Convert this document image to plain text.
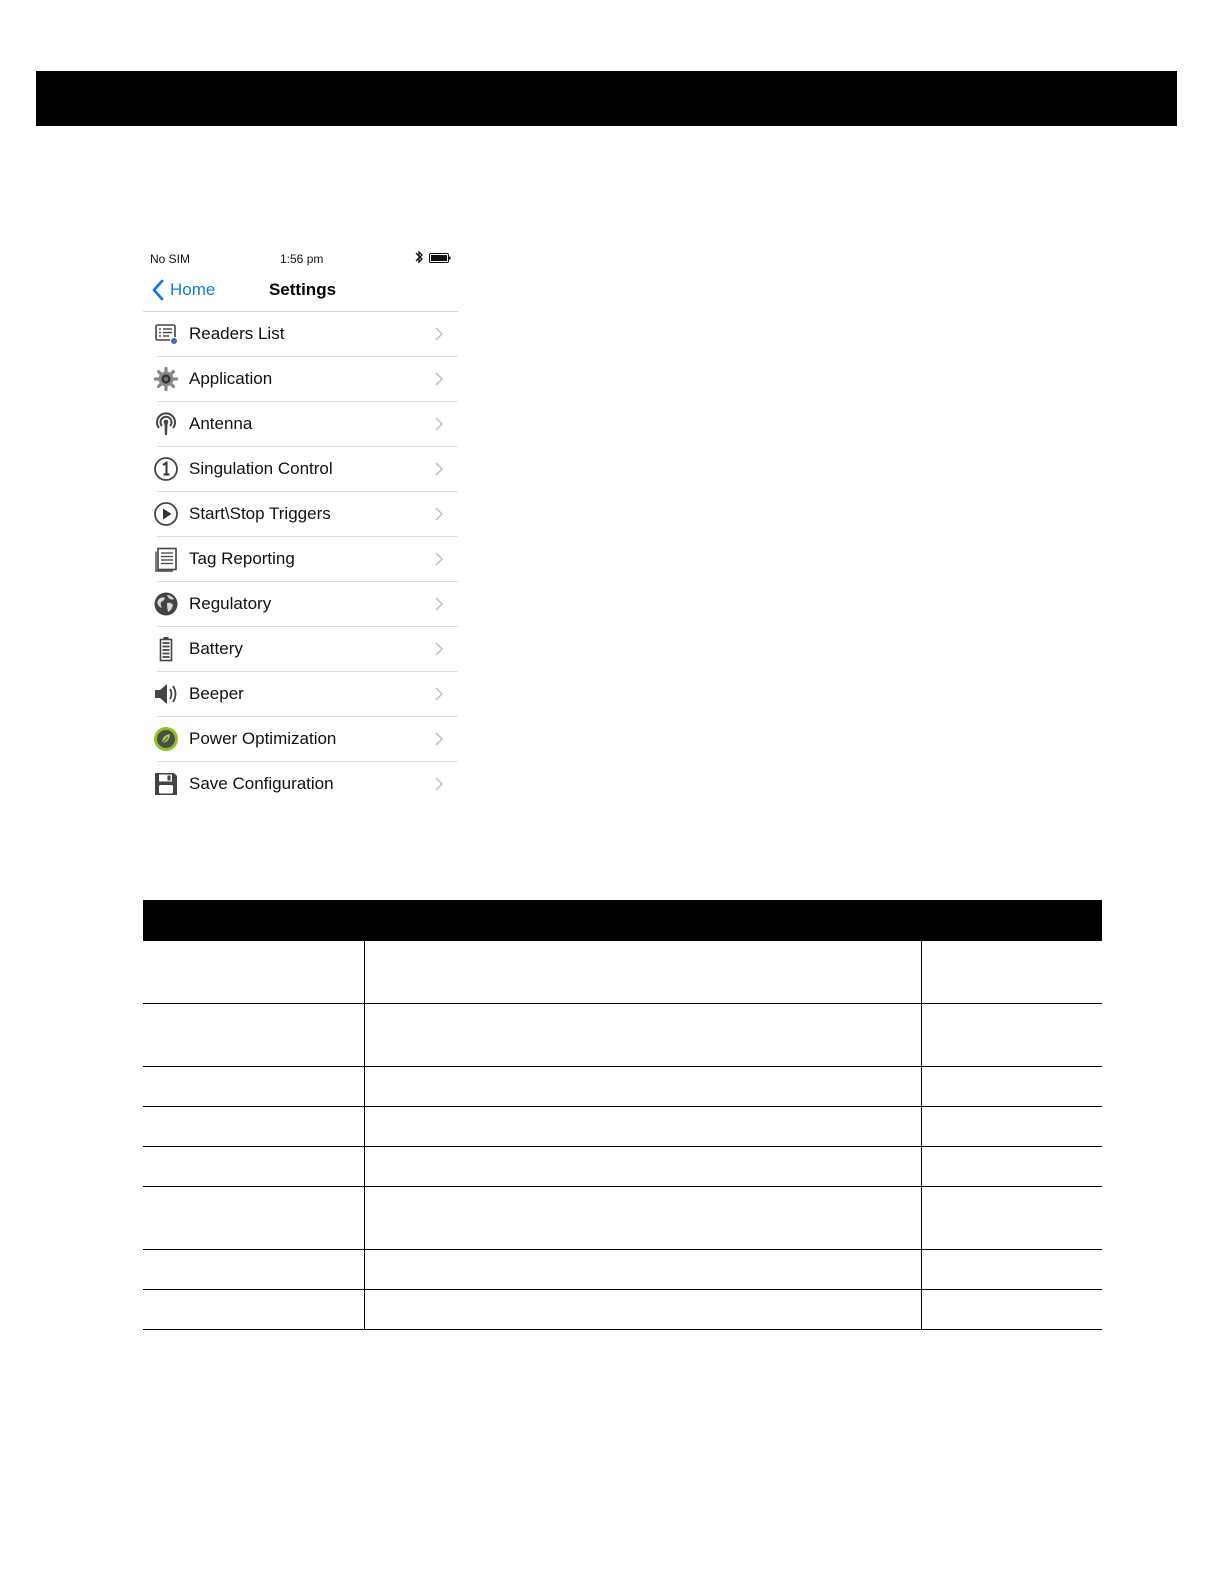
No SIM	1:56 pm
Home	Settings
Readers List
Application
Antenna
Singulation Control
Start\Stop Triggers
Tag Reporting
Regulatory
Battery
Beeper
Power Optimization
Save Configuration
